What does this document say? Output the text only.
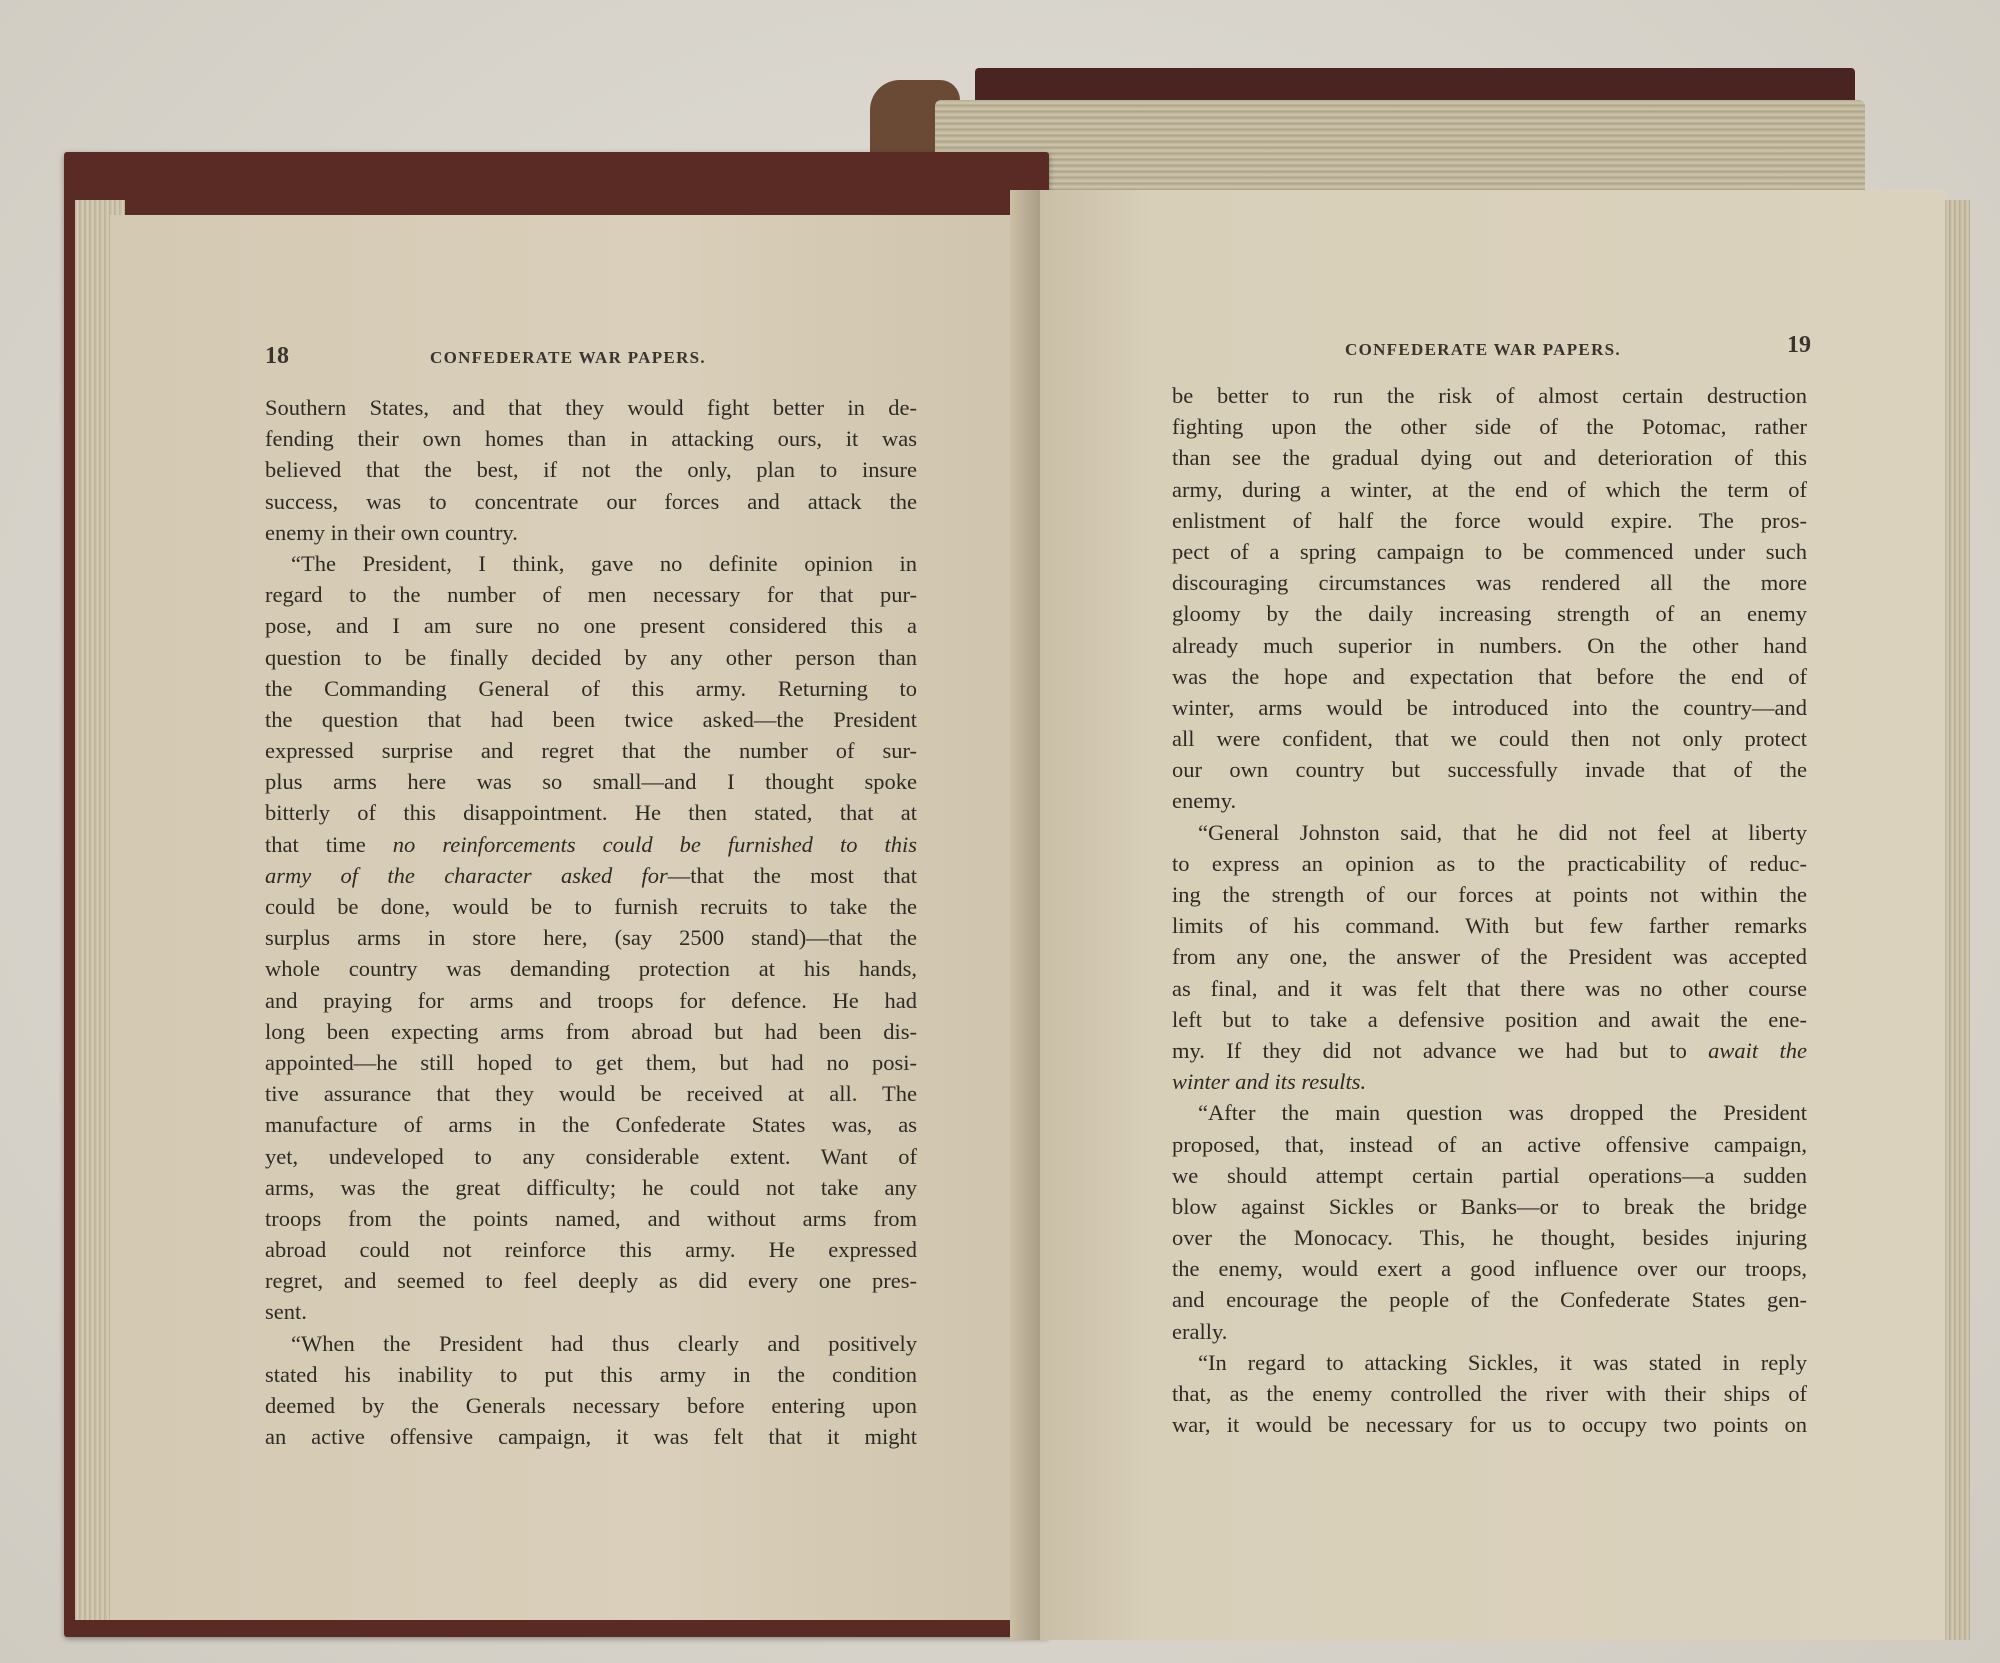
18	CONFEDERATE WAR PAPERS.
Southern States, and that they would fight better in de-
fending their own homes than in attacking ours, it was
believed that the best, if not the only, plan to insure
success, was to concentrate our forces and attack the
enemy in their own country.
“The President, I think, gave no definite opinion in
regard to the number of men necessary for that pur-
pose, and I am sure no one present considered this a
question to be finally decided by any other person than
the Commanding General of this army. Returning to
the question that had been twice asked—the President
expressed surprise and regret that the number of sur-
plus arms here was so small—and I thought spoke
bitterly of this disappointment. He then stated, that at
that time no reinforcements could be furnished to this
army of the character asked for—that the most that
could be done, would be to furnish recruits to take the
surplus arms in store here, (say 2500 stand)—that the
whole country was demanding protection at his hands,
and praying for arms and troops for defence. He had
long been expecting arms from abroad but had been dis-
appointed—he still hoped to get them, but had no posi-
tive assurance that they would be received at all. The
manufacture of arms in the Confederate States was, as
yet, undeveloped to any considerable extent. Want of
arms, was the great difficulty; he could not take any
troops from the points named, and without arms from
abroad could not reinforce this army. He expressed
regret, and seemed to feel deeply as did every one pres-
sent.
“When the President had thus clearly and positively
stated his inability to put this army in the condition
deemed by the Generals necessary before entering upon
an active offensive campaign, it was felt that it might
CONFEDERATE WAR PAPERS.	19
be better to run the risk of almost certain destruction
fighting upon the other side of the Potomac, rather
than see the gradual dying out and deterioration of this
army, during a winter, at the end of which the term of
enlistment of half the force would expire. The pros-
pect of a spring campaign to be commenced under such
discouraging circumstances was rendered all the more
gloomy by the daily increasing strength of an enemy
already much superior in numbers. On the other hand
was the hope and expectation that before the end of
winter, arms would be introduced into the country—and
all were confident, that we could then not only protect
our own country but successfully invade that of the
enemy.
“General Johnston said, that he did not feel at liberty
to express an opinion as to the practicability of reduc-
ing the strength of our forces at points not within the
limits of his command. With but few farther remarks
from any one, the answer of the President was accepted
as final, and it was felt that there was no other course
left but to take a defensive position and await the ene-
my. If they did not advance we had but to await the
winter and its results.
“After the main question was dropped the President
proposed, that, instead of an active offensive campaign,
we should attempt certain partial operations—a sudden
blow against Sickles or Banks—or to break the bridge
over the Monocacy. This, he thought, besides injuring
the enemy, would exert a good influence over our troops,
and encourage the people of the Confederate States gen-
erally.
“In regard to attacking Sickles, it was stated in reply
that, as the enemy controlled the river with their ships of
war, it would be necessary for us to occupy two points on
